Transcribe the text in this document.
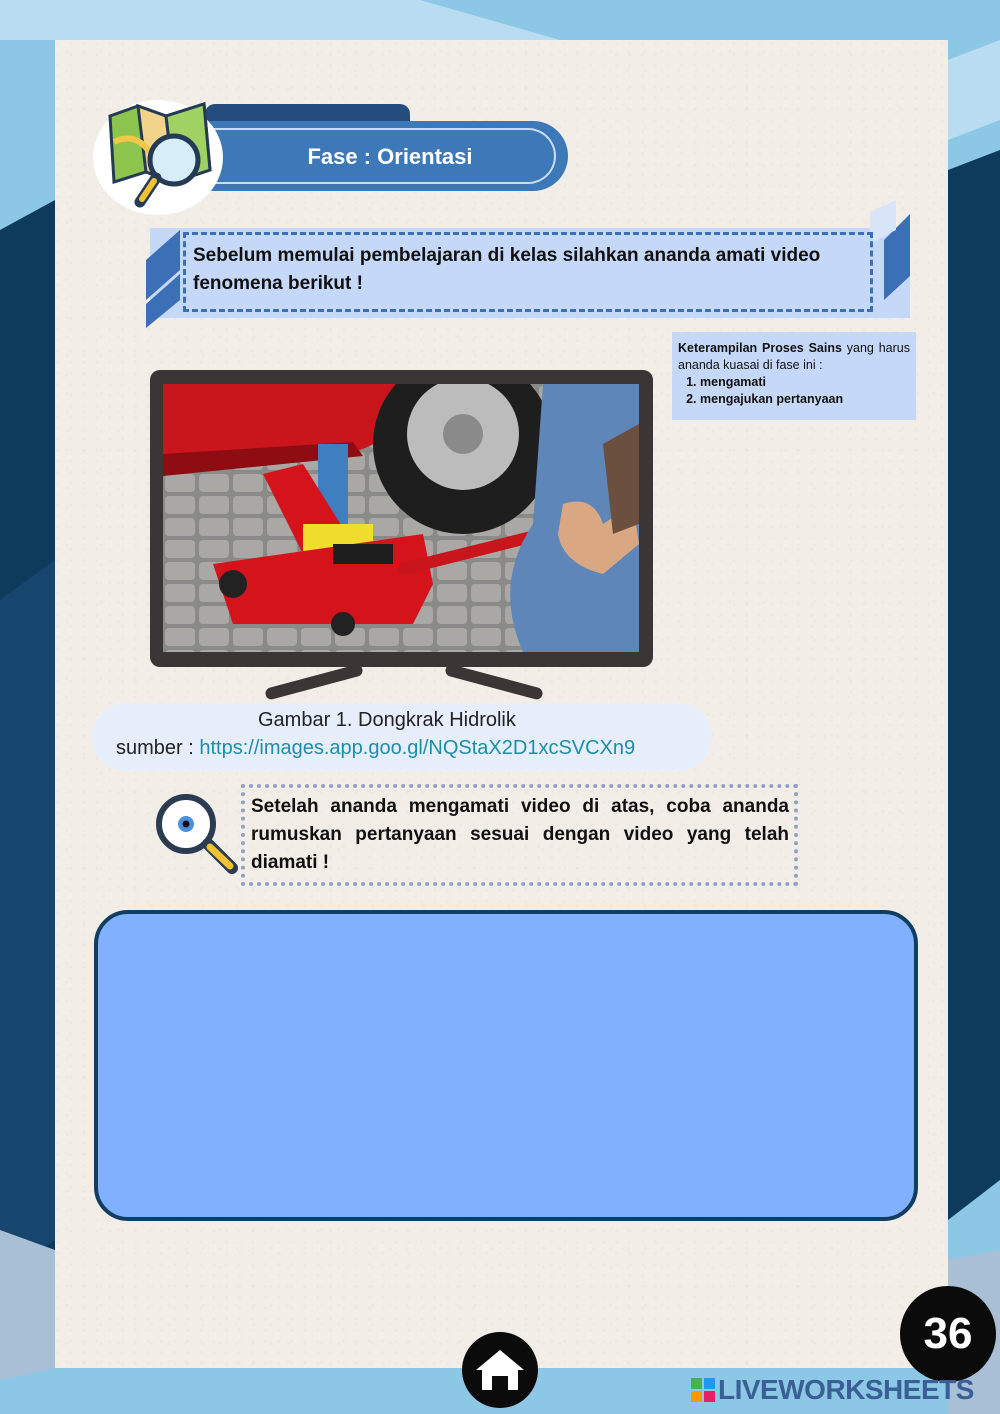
Fase : Orientasi
Sebelum memulai pembelajaran di kelas silahkan ananda amati video fenomena berikut !
Keterampilan Proses Sains yang harus ananda kuasai di fase ini :
1. mengamati
2. mengajukan pertanyaan
Gambar 1. Dongkrak Hidrolik
sumber : https://images.app.goo.gl/NQStaX2D1xcSVCXn9
Setelah ananda mengamati video di atas, coba ananda rumuskan pertanyaan sesuai dengan video yang telah diamati !
36
LIVEWORKSHEETS
